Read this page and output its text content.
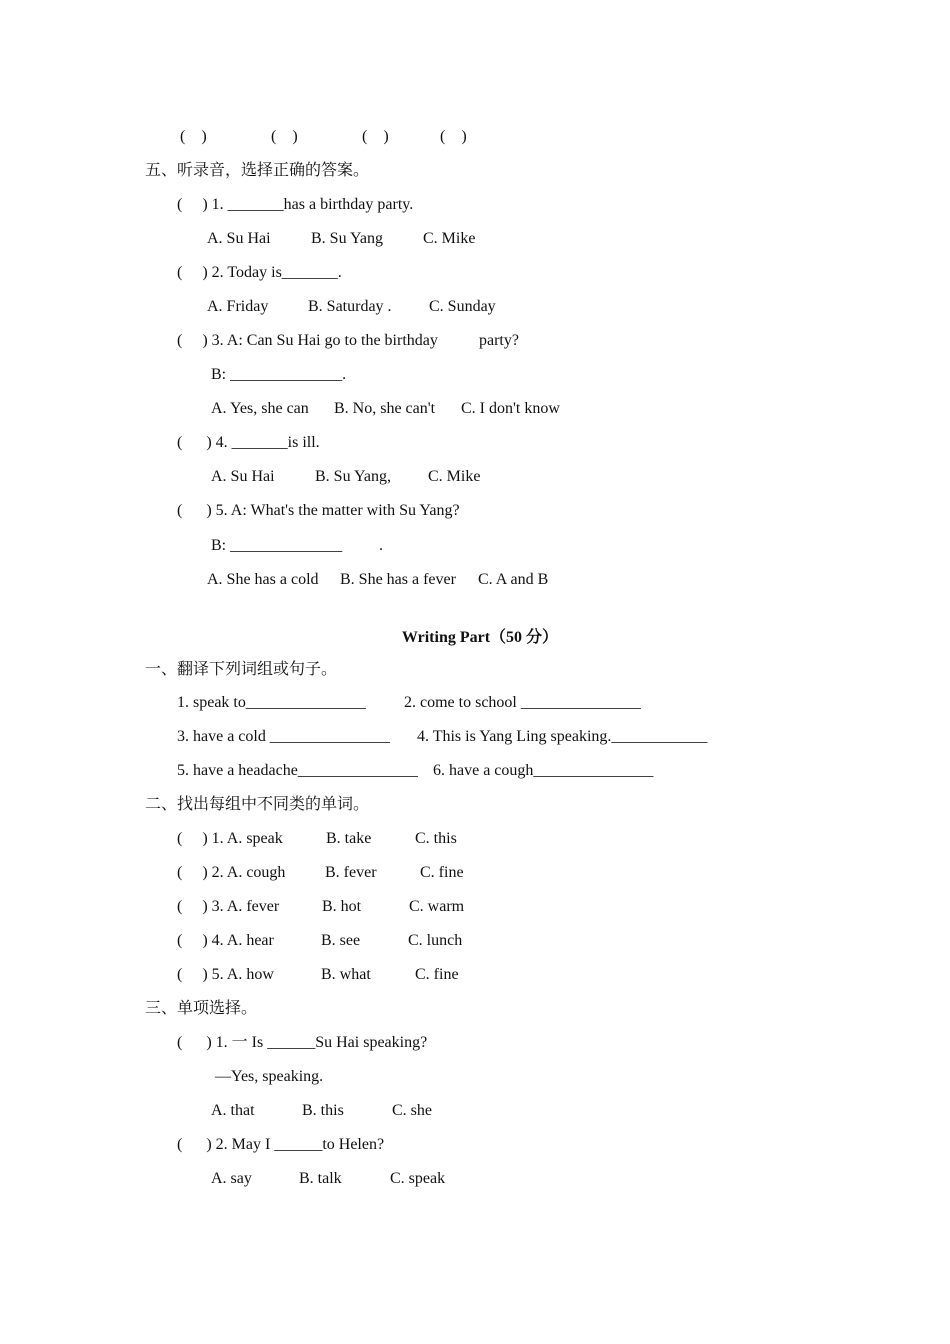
(　)	(　)	(　)	(　)
五、听录音，选择正确的答案。
(　 ) 1. _______has a birthday party.
A. Su Hai	B. Su Yang C. Mike
(　 ) 2. Today is_______.
A. Friday B. Saturday . C. Sunday
(　 ) 3. A: Can Su Hai go to the birthday	party?
B: ______________.
A. Yes, she can B. No, she can't C. I don't know
(　  ) 4. _______is ill.
A. Su Hai	B. Su Yang, C. Mike
(　  ) 5. A: What's the matter with Su Yang?
B: ______________ .
A. She has a cold B. She has a fever C. A and B
Writing Part（50 分）
一、翻译下列词组或句子。
1. speak to_______________ 2. come to school _______________
3. have a cold _______________ 4. This is Yang Ling speaking.____________
5. have a headache_______________ 6. have a cough_______________
二、找出每组中不同类的单词。
(　 ) 1. A. speak	B. take	C. this
(　 ) 2. A. cough B. fever	C. fine
(　 ) 3. A. fever	B. hot	C. warm
(　 ) 4. A. hear	B. see	C. lunch
(　 ) 5. A. how	B. what	C. fine
三、单项选择。
(　  ) 1. 一 Is ______Su Hai speaking?
—Yes, speaking.
A. that	B. this	C. she
(　  ) 2. May I ______to Helen?
A. say	B. talk	C. speak
